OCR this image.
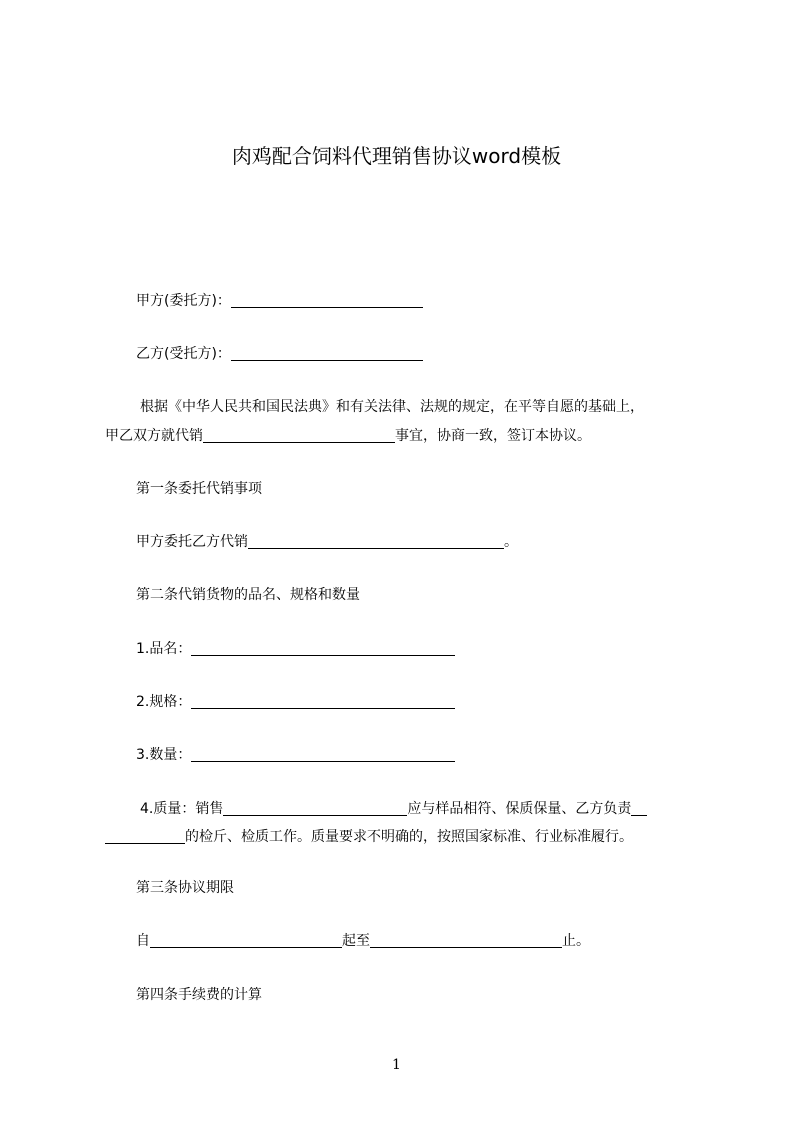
肉鸡配合饲料代理销售协议word模板
甲方(委托方)：
乙方(受托方)：
根据《中华人民共和国民法典》和有关法律、法规的规定，在平等自愿的基础上，
甲乙双方就代销	事宜，协商一致，签订本协议。
第一条委托代销事项
甲方委托乙方代销	。
第二条代销货物的品名、规格和数量
1.品名：
2.规格：
3.数量：
4.质量：销售	应与样品相符、保质保量、乙方负责
的检斤、检质工作。质量要求不明确的，按照国家标准、行业标准履行。
第三条协议期限
自	起至	止。
第四条手续费的计算
1
